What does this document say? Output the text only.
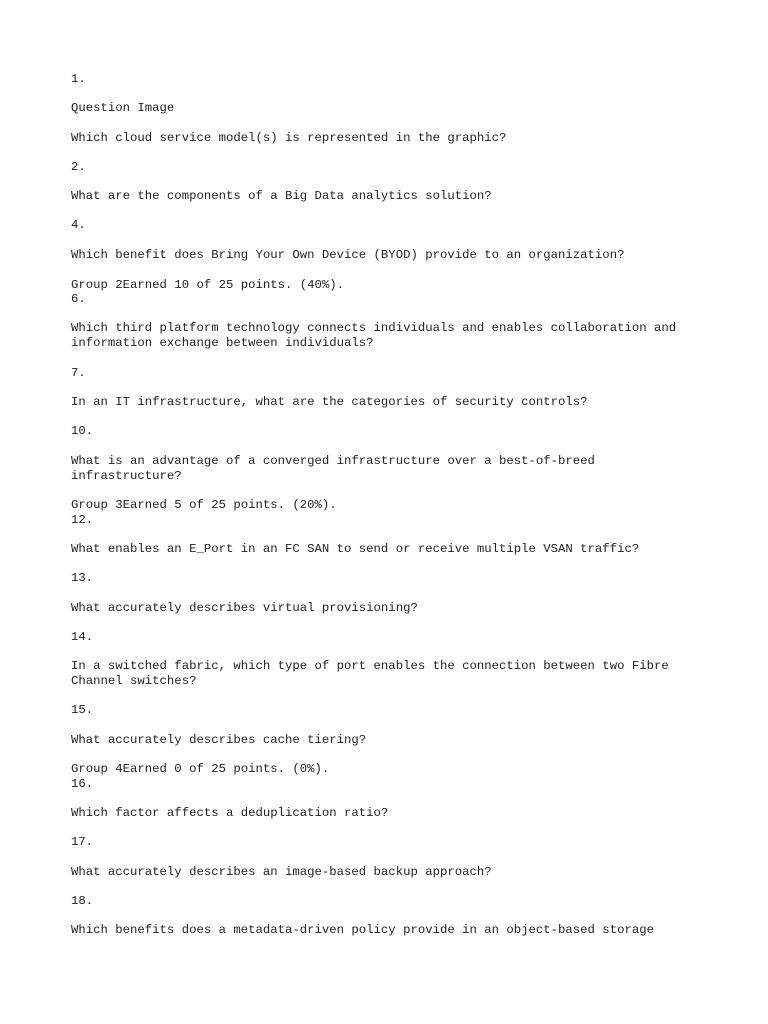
1.
Question Image
Which cloud service model(s) is represented in the graphic?
2.
What are the components of a Big Data analytics solution?
4.
Which benefit does Bring Your Own Device (BYOD) provide to an organization?
Group 2Earned 10 of 25 points. (40%).
6.
Which third platform technology connects individuals and enables collaboration and
information exchange between individuals?
7.
In an IT infrastructure, what are the categories of security controls?
10.
What is an advantage of a converged infrastructure over a best-of-breed
infrastructure?
Group 3Earned 5 of 25 points. (20%).
12.
What enables an E_Port in an FC SAN to send or receive multiple VSAN traffic?
13.
What accurately describes virtual provisioning?
14.
In a switched fabric, which type of port enables the connection between two Fibre
Channel switches?
15.
What accurately describes cache tiering?
Group 4Earned 0 of 25 points. (0%).
16.
Which factor affects a deduplication ratio?
17.
What accurately describes an image-based backup approach?
18.
Which benefits does a metadata-driven policy provide in an object-based storage
